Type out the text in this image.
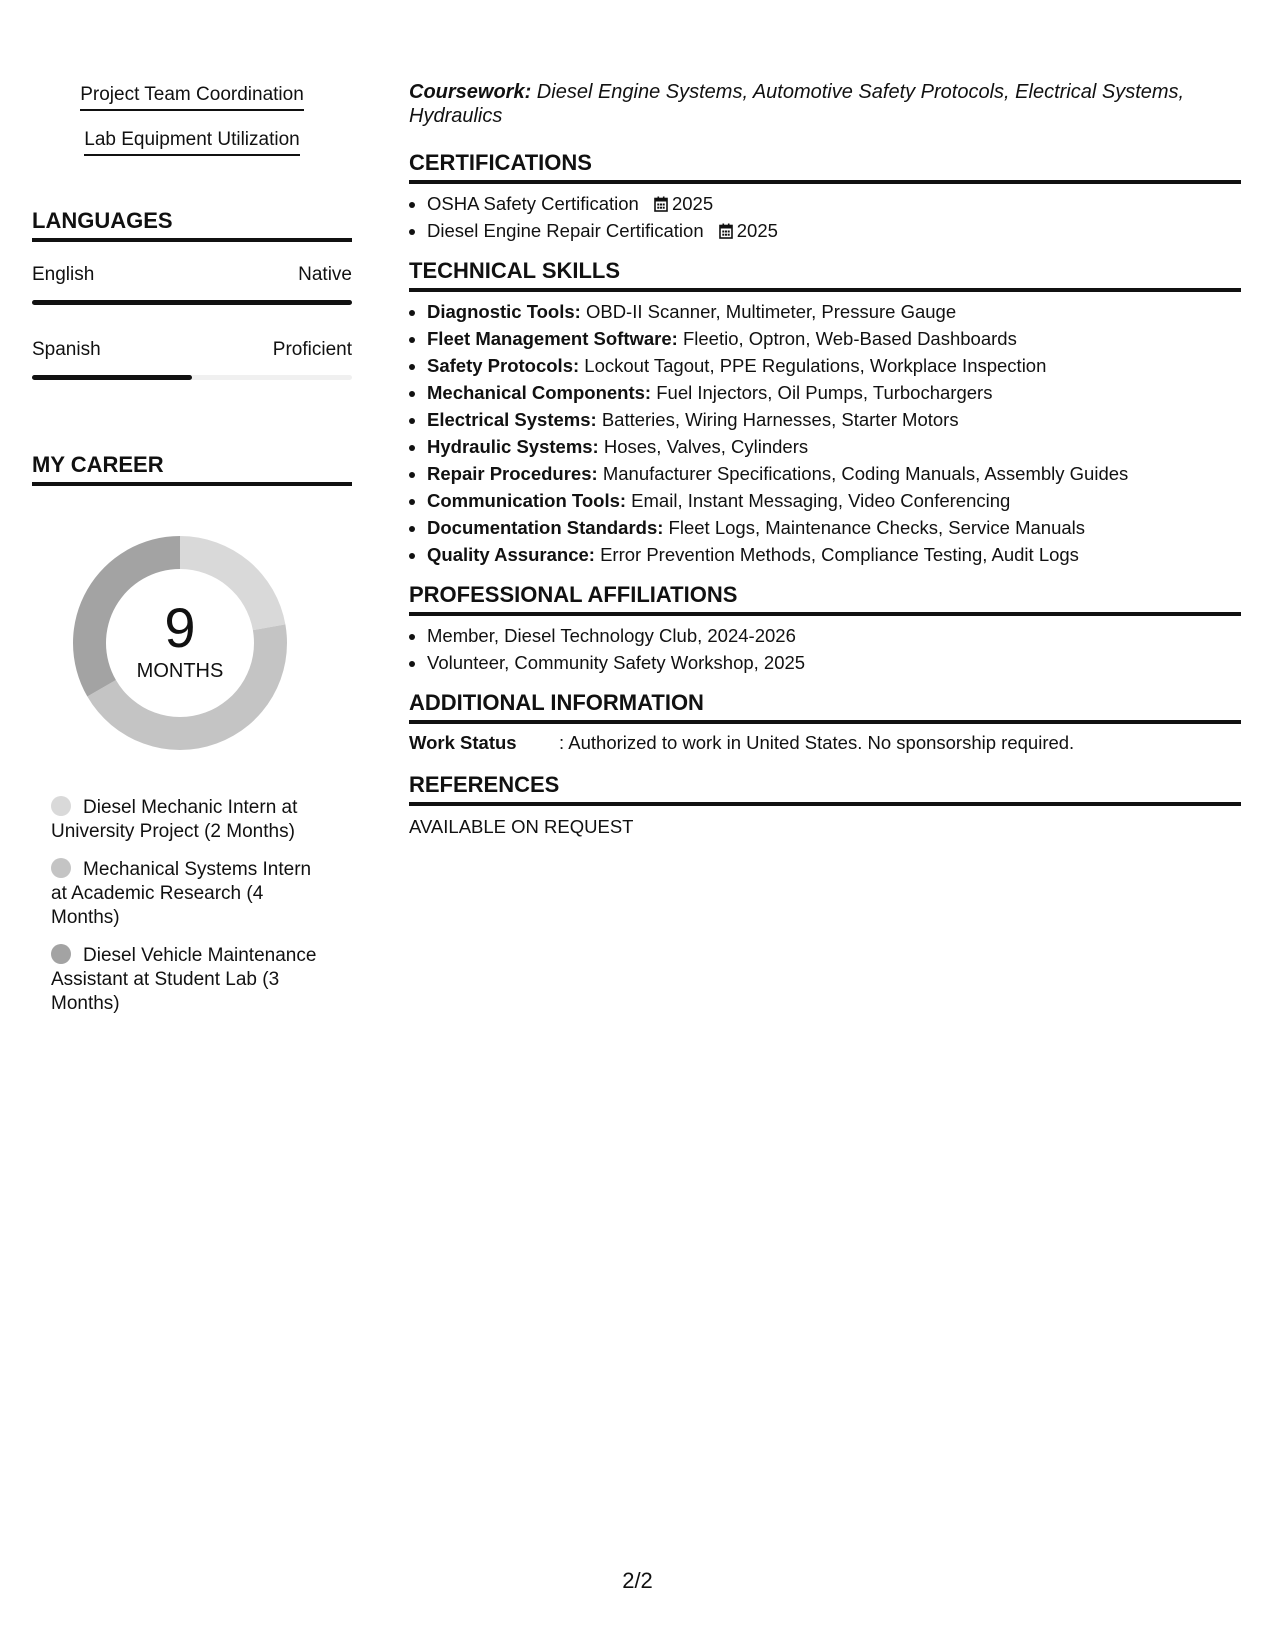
Project Team Coordination
Lab Equipment Utilization
LANGUAGES
English	Native
Spanish	Proficient
MY CAREER
9
MONTHS
Diesel Mechanic Intern at University Project (2 Months)
Mechanical Systems Intern at Academic Research (4 Months)
Diesel Vehicle Maintenance Assistant at Student Lab (3 Months)

Coursework: Diesel Engine Systems, Automotive Safety Protocols, Electrical Systems, Hydraulics

CERTIFICATIONS
• OSHA Safety Certification 2025
• Diesel Engine Repair Certification 2025
TECHNICAL SKILLS
• Diagnostic Tools: OBD-II Scanner, Multimeter, Pressure Gauge
• Fleet Management Software: Fleetio, Optron, Web-Based Dashboards
• Safety Protocols: Lockout Tagout, PPE Regulations, Workplace Inspection
• Mechanical Components: Fuel Injectors, Oil Pumps, Turbochargers
• Electrical Systems: Batteries, Wiring Harnesses, Starter Motors
• Hydraulic Systems: Hoses, Valves, Cylinders
• Repair Procedures: Manufacturer Specifications, Coding Manuals, Assembly Guides
• Communication Tools: Email, Instant Messaging, Video Conferencing
• Documentation Standards: Fleet Logs, Maintenance Checks, Service Manuals
• Quality Assurance: Error Prevention Methods, Compliance Testing, Audit Logs
PROFESSIONAL AFFILIATIONS
• Member, Diesel Technology Club, 2024-2026
• Volunteer, Community Safety Workshop, 2025
ADDITIONAL INFORMATION
Work Status : Authorized to work in United States. No sponsorship required.
REFERENCES
AVAILABLE ON REQUEST
2/2
